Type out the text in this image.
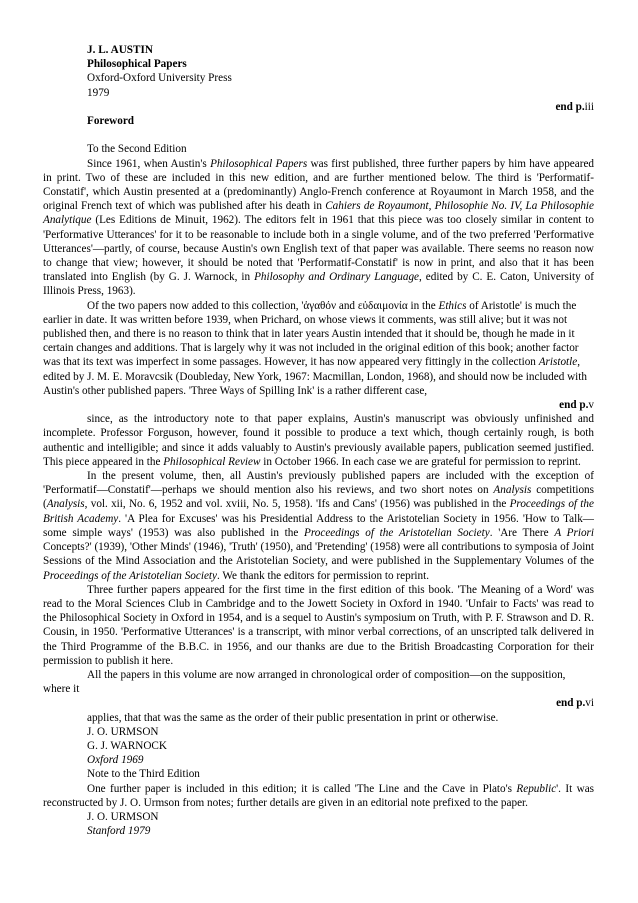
J. L. AUSTIN
Philosophical Papers
Oxford-Oxford University Press
1979
end p.iii
Foreword
To the Second Edition

Since 1961, when Austin's Philosophical Papers was first published, three further papers by him have appeared in print. Two of these are included in this new edition, and are further mentioned below. The third is 'Performatif-Constatif', which Austin presented at a (predominantly) Anglo-French conference at Royaumont in March 1958, and the original French text of which was published after his death in Cahiers de Royaumont, Philosophie No. IV, La Philosophie Analytique (Les Editions de Minuit, 1962). The editors felt in 1961 that this piece was too closely similar in content to 'Performative Utterances' for it to be reasonable to include both in a single volume, and of the two preferred 'Performative Utterances'—partly, of course, because Austin's own English text of that paper was available. There seems no reason now to change that view; however, it should be noted that 'Performatif-Constatif' is now in print, and also that it has been translated into English (by G. J. Warnock, in Philosophy and Ordinary Language, edited by C. E. Caton, University of Illinois Press, 1963).

Of the two papers now added to this collection, 'ἀγαθόν and εὐδαιμονία in the Ethics of Aristotle' is much the earlier in date. It was written before 1939, when Prichard, on whose views it comments, was still alive; but it was not published then, and there is no reason to think that in later years Austin intended that it should be, though he made in it certain changes and additions. That is largely why it was not included in the original edition of this book; another factor was that its text was imperfect in some passages. However, it has now appeared very fittingly in the collection Aristotle, edited by J. M. E. Moravcsik (Doubleday, New York, 1967: Macmillan, London, 1968), and should now be included with Austin's other published papers. 'Three Ways of Spilling Ink' is a rather different case,

end p.v

since, as the introductory note to that paper explains, Austin's manuscript was obviously unfinished and incomplete. Professor Forguson, however, found it possible to produce a text which, though certainly rough, is both authentic and intelligible; and since it adds valuably to Austin's previously available papers, publication seemed justified. This piece appeared in the Philosophical Review in October 1966. In each case we are grateful for permission to reprint.

In the present volume, then, all Austin's previously published papers are included with the exception of 'Performatif—Constatif'—perhaps we should mention also his reviews, and two short notes on Analysis competitions (Analysis, vol. xii, No. 6, 1952 and vol. xviii, No. 5, 1958). 'Ifs and Cans' (1956) was published in the Proceedings of the British Academy. 'A Plea for Excuses' was his Presidential Address to the Aristotelian Society in 1956. 'How to Talk—some simple ways' (1953) was also published in the Proceedings of the Aristotelian Society. 'Are There A Priori Concepts?' (1939), 'Other Minds' (1946), 'Truth' (1950), and 'Pretending' (1958) were all contributions to symposia of Joint Sessions of the Mind Association and the Aristotelian Society, and were published in the Supplementary Volumes of the Proceedings of the Aristotelian Society. We thank the editors for permission to reprint.

Three further papers appeared for the first time in the first edition of this book. 'The Meaning of a Word' was read to the Moral Sciences Club in Cambridge and to the Jowett Society in Oxford in 1940. 'Unfair to Facts' was read to the Philosophical Society in Oxford in 1954, and is a sequel to Austin's symposium on Truth, with P. F. Strawson and D. R. Cousin, in 1950. 'Performative Utterances' is a transcript, with minor verbal corrections, of an unscripted talk delivered in the Third Programme of the B.B.C. in 1956, and our thanks are due to the British Broadcasting Corporation for their permission to publish it here.

All the papers in this volume are now arranged in chronological order of composition—on the supposition, where it

end p.vi
applies, that that was the same as the order of their public presentation in print or otherwise.
J. O. URMSON
G. J. WARNOCK
Oxford 1969
Note to the Third Edition

One further paper is included in this edition; it is called 'The Line and the Cave in Plato's Republic'. It was reconstructed by J. O. Urmson from notes; further details are given in an editorial note prefixed to the paper.

J. O. URMSON
Stanford 1979
